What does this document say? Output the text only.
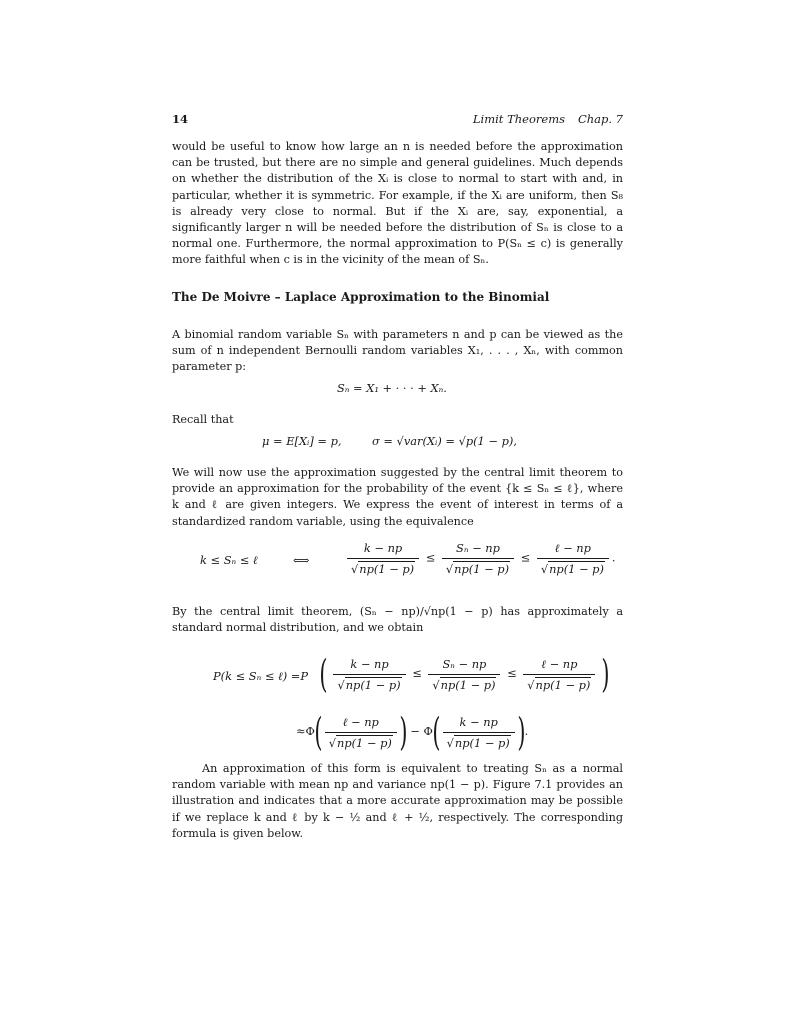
14	Limit Theorems Chap. 7

would be useful to know how large an n is needed before the approximation can be trusted, but there are no simple and general guidelines. Much depends on whether the distribution of the Xᵢ is close to normal to start with and, in particular, whether it is symmetric. For example, if the Xᵢ are uniform, then S₈ is already very close to normal. But if the Xᵢ are, say, exponential, a significantly larger n will be needed before the distribution of Sₙ is close to a normal one. Furthermore, the normal approximation to P(Sₙ ≤ c) is generally more faithful when c is in the vicinity of the mean of Sₙ.

The De Moivre – Laplace Approximation to the Binomial

A binomial random variable Sₙ with parameters n and p can be viewed as the sum of n independent Bernoulli random variables X₁, . . . , Xₙ, with common parameter p:

Sₙ = X₁ + · · · + Xₙ.

Recall that

μ = E[Xᵢ] = p,	σ = √var(Xᵢ) = √p(1 − p),

We will now use the approximation suggested by the central limit theorem to provide an approximation for the probability of the event {k ≤ Sₙ ≤ ℓ}, where k and ℓ are given integers. We express the event of interest in terms of a standardized random variable, using the equivalence

k ≤ Sₙ ≤ ℓ	⟺	$\frac{k - np}{√np(1 - p)} \le \frac{\text{Sₙ − np}}{√np(1 - p)} \le \frac{\text{ℓ − np}}{√np(1 - p)}$ .

By the central limit theorem, (Sₙ − np)/√np(1 − p) has approximately a standard normal distribution, and we obtain

P(k ≤ Sₙ ≤ ℓ) =P ( $\frac{k - np}{√np(1 - p)} \le \frac{\text{Sₙ − np}}{√np(1 - p)} \le \frac{\text{ℓ − np}}{√np(1 - p)}$ )
$\approx\Phi( \frac{\text{ℓ − np}}{√np(1 - p)}$ ) − $\Phi( \frac{k - np}{√np(1 - p)}$ ).

An approximation of this form is equivalent to treating Sₙ as a normal random variable with mean np and variance np(1 − p). Figure 7.1 provides an illustration and indicates that a more accurate approximation may be possible if we replace k and ℓ by k − ½ and ℓ + ½, respectively. The corresponding formula is given below.
